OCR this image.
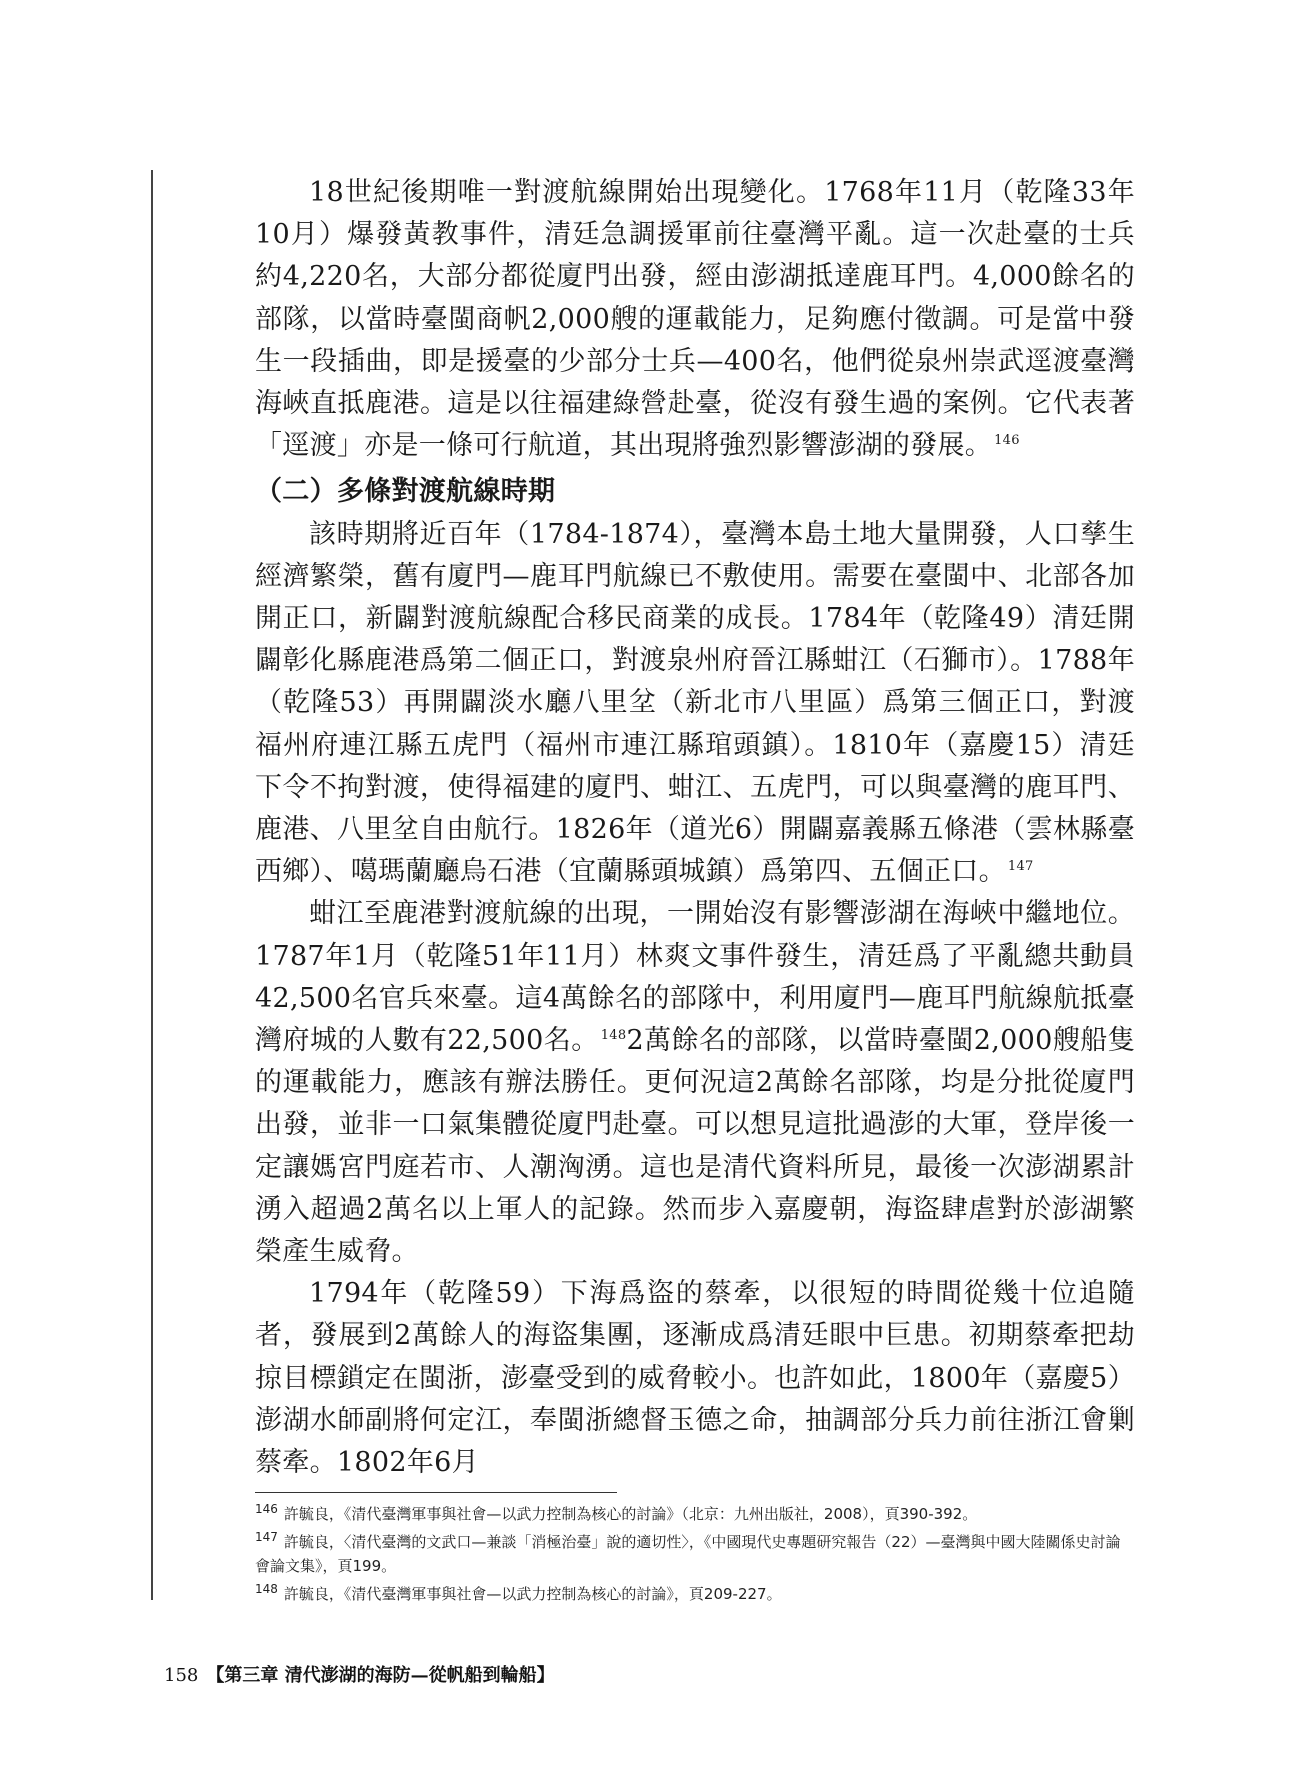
18世紀後期唯一對渡航線開始出現變化。1768年11月（乾隆33年10月）爆發黃教事件，清廷急調援軍前往臺灣平亂。這一次赴臺的士兵約4,220名，大部分都從廈門出發，經由澎湖抵達鹿耳門。4,000餘名的部隊，以當時臺閩商帆2,000艘的運載能力，足夠應付徵調。可是當中發生一段插曲，即是援臺的少部分士兵—400名，他們從泉州崇武逕渡臺灣海峽直抵鹿港。這是以往福建綠營赴臺，從沒有發生過的案例。它代表著「逕渡」亦是一條可行航道，其出現將強烈影響澎湖的發展。 $^{146}$

（二）多條對渡航線時期

該時期將近百年（1784-1874），臺灣本島土地大量開發，人口孳生經濟繁榮，舊有廈門—鹿耳門航線已不敷使用。需要在臺閩中、北部各加開正口，新闢對渡航線配合移民商業的成長。1784年（乾隆49）清廷開闢彰化縣鹿港爲第二個正口，對渡泉州府晉江縣蚶江（石獅市）。1788年（乾隆53）再開闢淡水廳八里坌（新北市八里區）爲第三個正口，對渡福州府連江縣五虎門（福州市連江縣琯頭鎮）。1810年（嘉慶15）清廷下令不拘對渡，使得福建的廈門、蚶江、五虎門，可以與臺灣的鹿耳門、鹿港、八里坌自由航行。1826年（道光6）開闢嘉義縣五條港（雲林縣臺西鄉）、噶瑪蘭廳烏石港（宜蘭縣頭城鎮）爲第四、五個正口。 $^{147}$

蚶江至鹿港對渡航線的出現，一開始沒有影響澎湖在海峽中繼地位。1787年1月（乾隆51年11月）林爽文事件發生，清廷爲了平亂總共動員42,500名官兵來臺。這4萬餘名的部隊中，利用廈門—鹿耳門航線航抵臺灣府城的人數有22,500名。 $^{148}$2萬餘名的部隊，以當時臺閩2,000艘船隻的運載能力，應該有辦法勝任。更何況這2萬餘名部隊，均是分批從廈門出發，並非一口氣集體從廈門赴臺。可以想見這批過澎的大軍，登岸後一定讓媽宮門庭若市、人潮洶湧。這也是清代資料所見，最後一次澎湖累計湧入超過2萬名以上軍人的記錄。然而步入嘉慶朝，海盜肆虐對於澎湖繁榮產生威脅。

1794年（乾隆59）下海爲盜的蔡牽，以很短的時間從幾十位追隨者，發展到2萬餘人的海盜集團，逐漸成爲清廷眼中巨患。初期蔡牽把劫掠目標鎖定在閩浙，澎臺受到的威脅較小。也許如此，1800年（嘉慶5）澎湖水師副將何定江，奉閩浙總督玉德之命，抽調部分兵力前往浙江會剿蔡牽。1802年6月

$^{146}$ 許毓良，《清代臺灣軍事與社會—以武力控制為核心的討論》（北京：九州出版社，2008），頁390-392。

$^{147}$ 許毓良，〈清代臺灣的文武口—兼談「消極治臺」說的適切性〉，《中國現代史專題研究報告（22）—臺灣與中國大陸關係史討論會論文集》，頁199。

$^{148}$ 許毓良，《清代臺灣軍事與社會—以武力控制為核心的討論》，頁209-227。

158 【第三章 清代澎湖的海防—從帆船到輪船】
